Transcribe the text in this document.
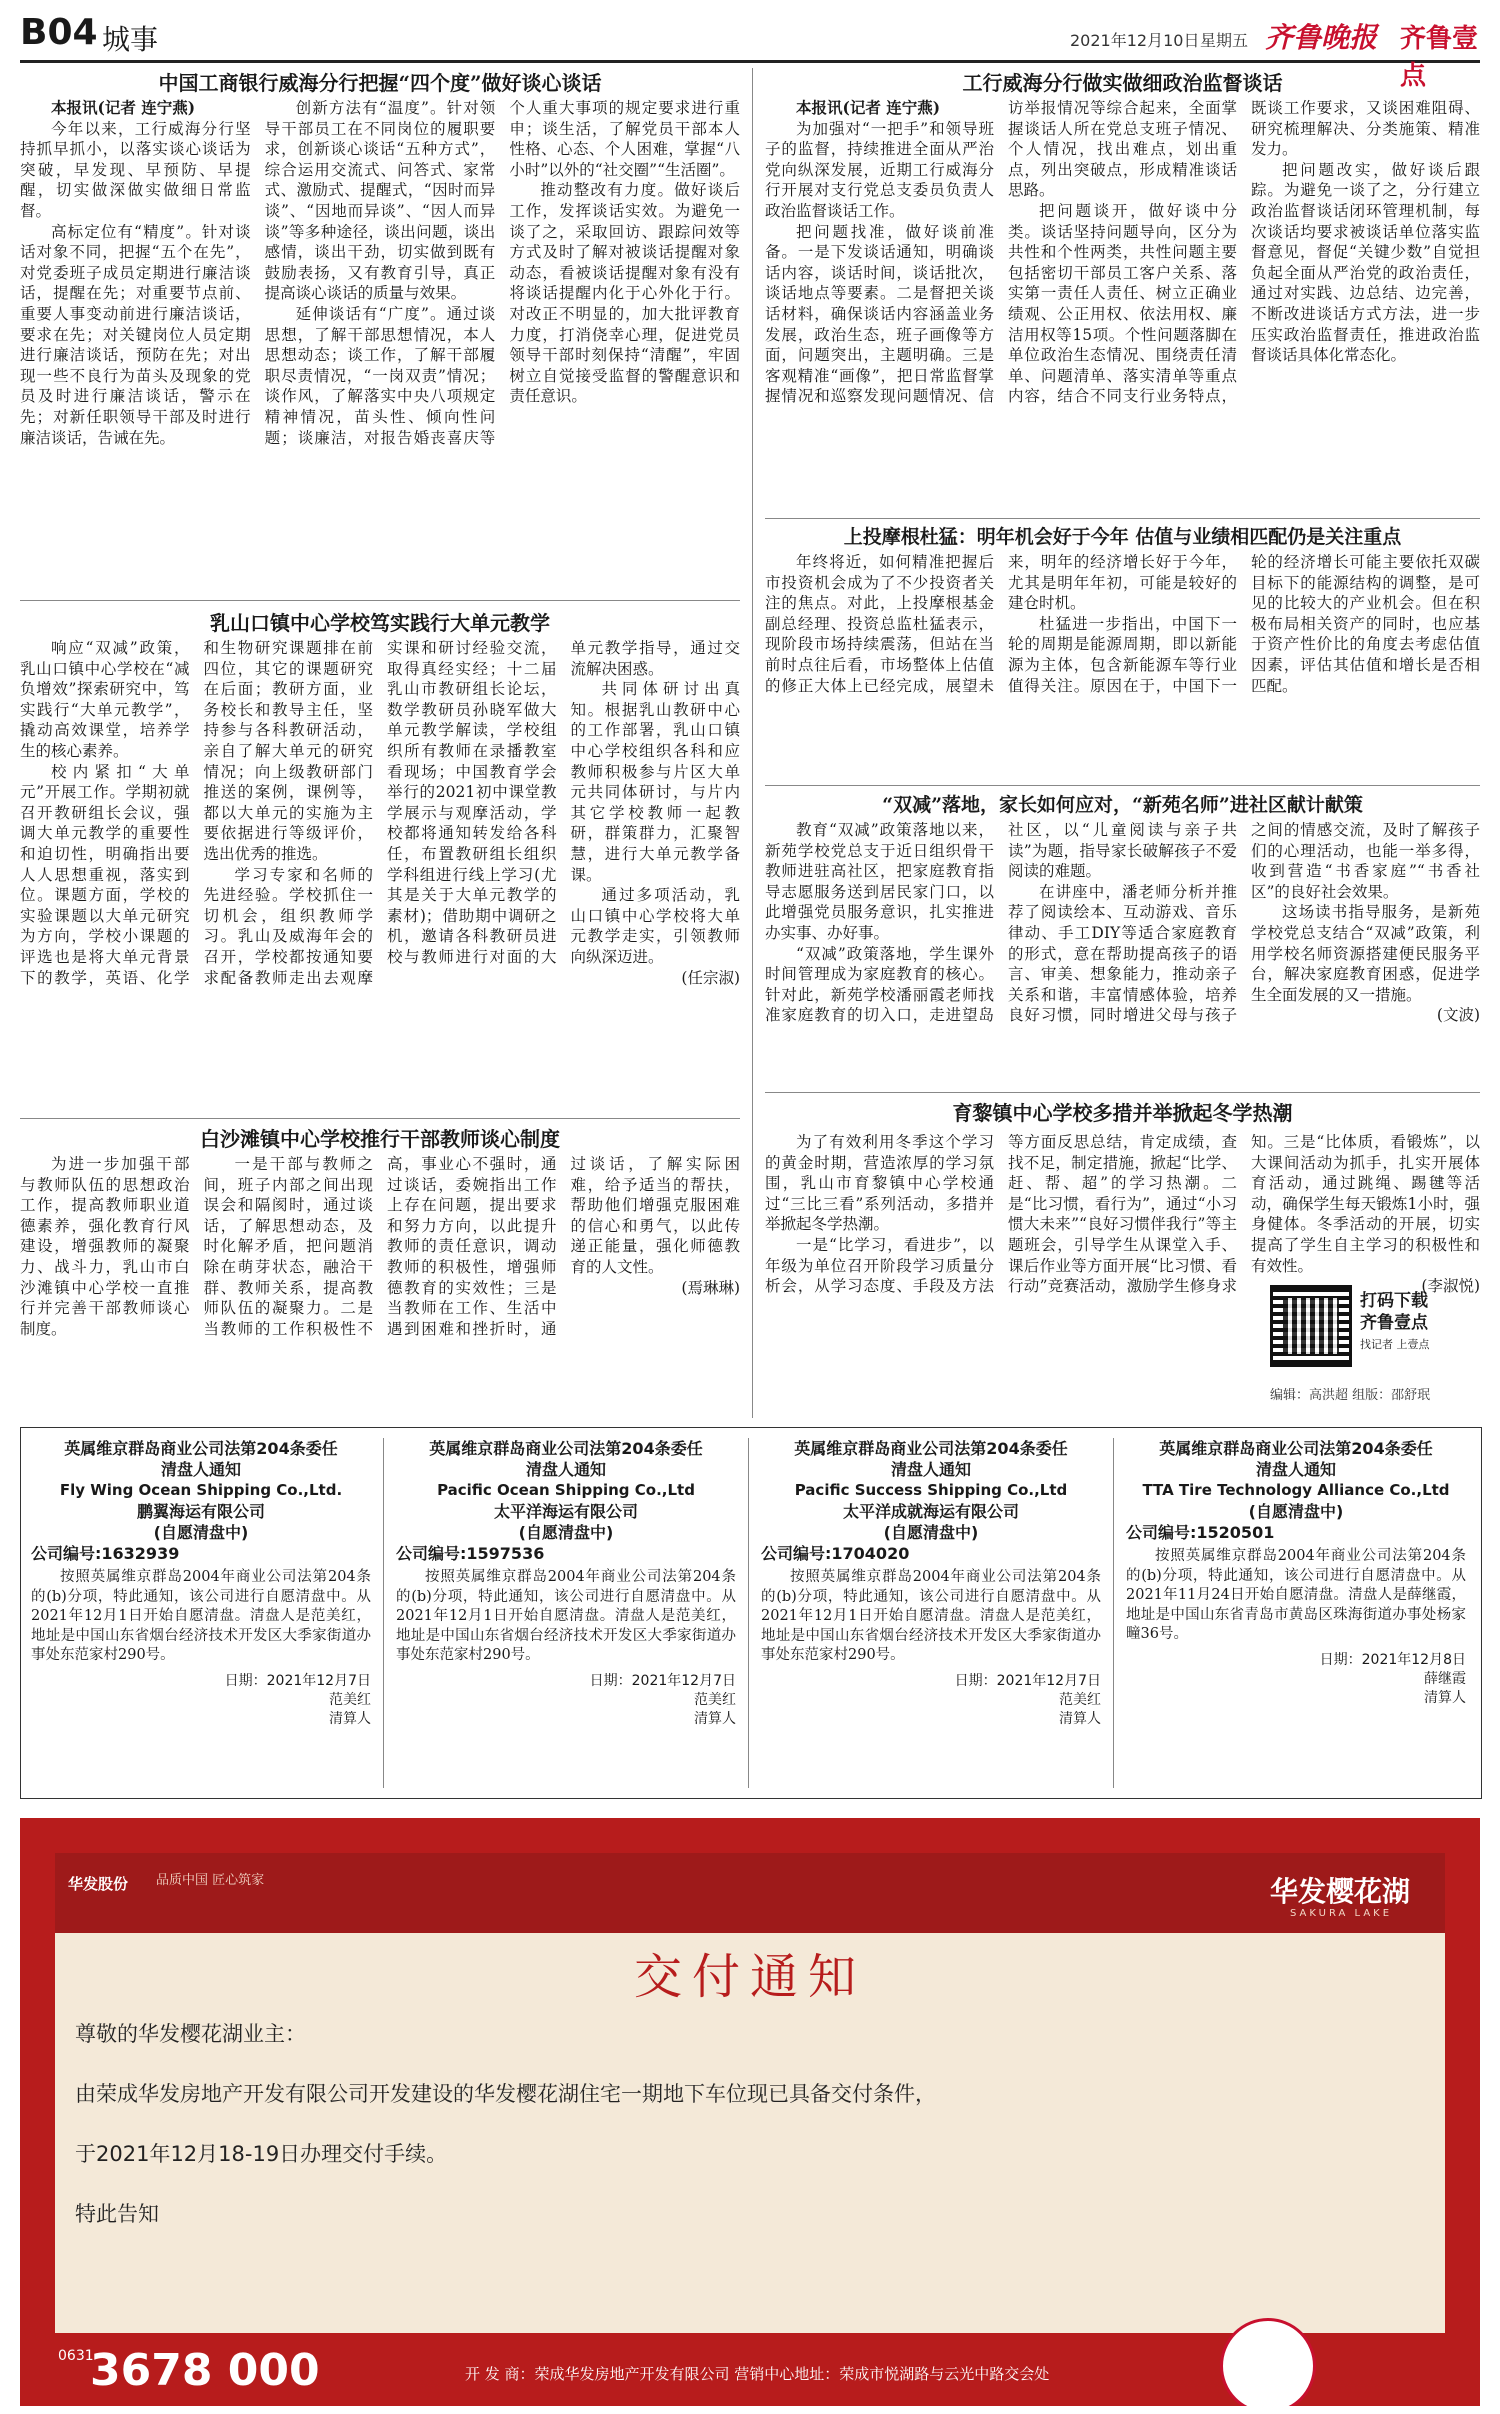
B04 城事	2021年12月10日 星期五 齐鲁晚报 齐鲁壹点
中国工商银行威海分行把握“四个度”做好谈心谈话

本报讯(记者 连宁燕)

今年以来，工行威海分行坚持抓早抓小，以落实谈心谈话为突破，早发现、早预防、早提醒，切实做深做实做细日常监督。

高标定位有“精度”。针对谈话对象不同，把握“五个在先”，对党委班子成员定期进行廉洁谈话，提醒在先；对重要节点前、重要人事变动前进行廉洁谈话，要求在先；对关键岗位人员定期进行廉洁谈话，预防在先；对出现一些不良行为苗头及现象的党员及时进行廉洁谈话，警示在先；对新任职领导干部及时进行廉洁谈话，告诫在先。

创新方法有“温度”。针对领导干部员工在不同岗位的履职要求，创新谈心谈话“五种方式”，综合运用交流式、问答式、家常式、激励式、提醒式，“因时而异谈”、“因地而异谈”、“因人而异谈”等多种途径，谈出问题，谈出感情，谈出干劲，切实做到既有鼓励表扬，又有教育引导，真正提高谈心谈话的质量与效果。

延伸谈话有“广度”。通过谈思想，了解干部思想情况，本人思想动态；谈工作，了解干部履职尽责情况，“一岗双责”情况；谈作风，了解落实中央八项规定精神情况，苗头性、倾向性问题；谈廉洁，对报告婚丧喜庆等个人重大事项的规定要求进行重申；谈生活，了解党员干部本人性格、心态、个人困难，掌握“八小时”以外的“社交圈”“生活圈”。

推动整改有力度。做好谈后工作，发挥谈话实效。为避免一谈了之，采取回访、跟踪问效等方式及时了解对被谈话提醒对象动态，看被谈话提醒对象有没有将谈话提醒内化于心外化于行。对改正不明显的，加大批评教育力度，打消侥幸心理，促进党员领导干部时刻保持“清醒”，牢固树立自觉接受监督的警醒意识和责任意识。

工行威海分行做实做细政治监督谈话

本报讯(记者 连宁燕)

为加强对“一把手”和领导班子的监督，持续推进全面从严治党向纵深发展，近期工行威海分行开展对支行党总支委员负责人政治监督谈话工作。

把问题找准，做好谈前准备。一是下发谈话通知，明确谈话内容，谈话时间，谈话批次，谈话地点等要素。二是督把关谈话材料，确保谈话内容涵盖业务发展，政治生态，班子画像等方面，问题突出，主题明确。三是客观精准“画像”，把日常监督掌握情况和巡察发现问题情况、信访举报情况等综合起来，全面掌握谈话人所在党总支班子情况、个人情况，找出难点，划出重点，列出突破点，形成精准谈话思路。

把问题谈开，做好谈中分类。谈话坚持问题导向，区分为共性和个性两类，共性问题主要包括密切干部员工客户关系、落实第一责任人责任、树立正确业绩观、公正用权、依法用权、廉洁用权等15项。个性问题落脚在单位政治生态情况、围绕责任清单、问题清单、落实清单等重点内容，结合不同支行业务特点，既谈工作要求，又谈困难阻碍、研究梳理解决、分类施策、精准发力。

把问题改实，做好谈后跟踪。为避免一谈了之，分行建立政治监督谈话闭环管理机制，每次谈话均要求被谈话单位落实监督意见，督促“关键少数”自觉担负起全面从严治党的政治责任，通过对实践、边总结、边完善，不断改进谈话方式方法，进一步压实政治监督责任，推进政治监督谈话具体化常态化。

乳山口镇中心学校笃实践行大单元教学

响应“双减”政策，乳山口镇中心学校在“减负增效”探索研究中，笃实践行“大单元教学”，撬动高效课堂，培养学生的核心素养。

校内紧扣“大单元”开展工作。学期初就召开教研组长会议，强调大单元教学的重要性和迫切性，明确指出要人人思想重视，落实到位。课题方面，学校的实验课题以大单元研究为方向，学校小课题的评选也是将大单元背景下的教学，英语、化学和生物研究课题排在前四位，其它的课题研究在后面；教研方面，业务校长和教导主任，坚持参与各科教研活动，亲自了解大单元的研究情况；向上级教研部门推送的案例，课例等，都以大单元的实施为主要依据进行等级评价，选出优秀的推选。

学习专家和名师的先进经验。学校抓住一切机会，组织教师学习。乳山及威海年会的召开，学校都按通知要求配备教师走出去观摩实课和研讨经验交流，取得真经实经；十二届乳山市教研组长论坛，数学教研员孙晓军做大单元教学解读，学校组织所有教师在录播教室看现场；中国教育学会举行的2021初中课堂教学展示与观摩活动，学校都将通知转发给各科任，布置教研组长组织学科组进行线上学习(尤其是关于大单元教学的素材)；借助期中调研之机，邀请各科教研员进校与教师进行对面的大单元教学指导，通过交流解决困惑。

共同体研讨出真知。根据乳山教研中心的工作部署，乳山口镇中心学校组织各科和应教师积极参与片区大单元共同体研讨，与片内其它学校教师一起教研，群策群力，汇聚智慧，进行大单元教学备课。

通过多项活动，乳山口镇中心学校将大单元教学走实，引领教师向纵深迈进。

(任宗淑)

上投摩根杜猛：明年机会好于今年 估值与业绩相匹配仍是关注重点

年终将近，如何精准把握后市投资机会成为了不少投资者关注的焦点。对此，上投摩根基金副总经理、投资总监杜猛表示，现阶段市场持续震荡，但站在当前时点往后看，市场整体上估值的修正大体上已经完成，展望未来，明年的经济增长好于今年，尤其是明年年初，可能是较好的建仓时机。

杜猛进一步指出，中国下一轮的周期是能源周期，即以新能源为主体，包含新能源车等行业值得关注。原因在于，中国下一轮的经济增长可能主要依托双碳目标下的能源结构的调整，是可见的比较大的产业机会。但在积极布局相关资产的同时，也应基于资产性价比的角度去考虑估值因素，评估其估值和增长是否相匹配。

“双减”落地，家长如何应对，“新苑名师”进社区献计献策

教育“双减”政策落地以来，新苑学校党总支于近日组织骨干教师进驻高社区，把家庭教育指导志愿服务送到居民家门口，以此增强党员服务意识，扎实推进办实事、办好事。

“双减”政策落地，学生课外时间管理成为家庭教育的核心。针对此，新苑学校潘丽霞老师找准家庭教育的切入口，走进望岛社区，以“儿童阅读与亲子共读”为题，指导家长破解孩子不爱阅读的难题。

在讲座中，潘老师分析并推荐了阅读绘本、互动游戏、音乐律动、手工DIY等适合家庭教育的形式，意在帮助提高孩子的语言、审美、想象能力，推动亲子关系和谐，丰富情感体验，培养良好习惯，同时增进父母与孩子之间的情感交流，及时了解孩子们的心理活动，也能一举多得，收到营造“书香家庭”“书香社区”的良好社会效果。

这场读书指导服务，是新苑学校党总支结合“双减”政策，利用学校名师资源搭建便民服务平台，解决家庭教育困惑，促进学生全面发展的又一措施。

(文波)

白沙滩镇中心学校推行干部教师谈心制度

为进一步加强干部与教师队伍的思想政治工作，提高教师职业道德素养，强化教育行风建设，增强教师的凝聚力、战斗力，乳山市白沙滩镇中心学校一直推行并完善干部教师谈心制度。

一是干部与教师之间，班子内部之间出现误会和隔阂时，通过谈话，了解思想动态，及时化解矛盾，把问题消除在萌芽状态，融洽干群、教师关系，提高教师队伍的凝聚力。二是当教师的工作积极性不高，事业心不强时，通过谈话，委婉指出工作上存在问题，提出要求和努力方向，以此提升教师的责任意识，调动教师的积极性，增强师德教育的实效性；三是当教师在工作、生活中遇到困难和挫折时，通过谈话，了解实际困难，给予适当的帮扶，帮助他们增强克服困难的信心和勇气，以此传递正能量，强化师德教育的人文性。

(焉琳琳)

育黎镇中心学校多措并举掀起冬学热潮

为了有效利用冬季这个学习的黄金时期，营造浓厚的学习氛围，乳山市育黎镇中心学校通过“三比三看”系列活动，多措并举掀起冬学热潮。

一是“比学习，看进步”，以年级为单位召开阶段学习质量分析会，从学习态度、手段及方法等方面反思总结，肯定成绩，查找不足，制定措施，掀起“比学、赶、帮、超”的学习热潮。二是“比习惯，看行为”，通过“小习惯大未来”“良好习惯伴我行”等主题班会，引导学生从课堂入手、课后作业等方面开展“比习惯、看行动”竞赛活动，激励学生修身求知。三是“比体质，看锻炼”，以大课间活动为抓手，扎实开展体育活动，通过跳绳、踢毽等活动，确保学生每天锻炼1小时，强身健体。冬季活动的开展，切实提高了学生自主学习的积极性和有效性。

(李淑悦)

打码下载
齐鲁壹点
找记者 上壹点
编辑：高洪超 组版：邵舒珉
英属维京群岛商业公司法第204条委任
清盘人通知
Fly Wing Ocean Shipping Co.,Ltd.
鹏翼海运有限公司
(自愿清盘中)
公司编号:1632939
按照英属维京群岛2004年商业公司法第204条的(b)分项，特此通知，该公司进行自愿清盘中。从2021年12月1日开始自愿清盘。清盘人是范美红，地址是中国山东省烟台经济技术开发区大季家街道办事处东范家村290号。
日期：2021年12月7日
范美红
清算人
英属维京群岛商业公司法第204条委任
清盘人通知
Pacific Ocean Shipping Co.,Ltd
太平洋海运有限公司
(自愿清盘中)
公司编号:1597536
按照英属维京群岛2004年商业公司法第204条的(b)分项，特此通知，该公司进行自愿清盘中。从2021年12月1日开始自愿清盘。清盘人是范美红，地址是中国山东省烟台经济技术开发区大季家街道办事处东范家村290号。
日期：2021年12月7日
范美红
清算人
英属维京群岛商业公司法第204条委任
清盘人通知
Pacific Success Shipping Co.,Ltd
太平洋成就海运有限公司
(自愿清盘中)
公司编号:1704020
按照英属维京群岛2004年商业公司法第204条的(b)分项，特此通知，该公司进行自愿清盘中。从2021年12月1日开始自愿清盘。清盘人是范美红，地址是中国山东省烟台经济技术开发区大季家街道办事处东范家村290号。
日期：2021年12月7日
范美红
清算人
英属维京群岛商业公司法第204条委任
清盘人通知
TTA Tire Technology Alliance Co.,Ltd
(自愿清盘中)
公司编号:1520501
按照英属维京群岛2004年商业公司法第204条的(b)分项，特此通知，该公司进行自愿清盘中。从2021年11月24日开始自愿清盘。清盘人是薛继霞，地址是中国山东省青岛市黄岛区珠海街道办事处杨家疃36号。
日期：2021年12月8日
薛继霞
清算人
华发股份 品质中国 匠心筑家	华发樱花湖
SAKURA LAKE
交付通知
尊敬的华发樱花湖业主：
由荣成华发房地产开发有限公司开发建设的华发樱花湖住宅一期地下车位现已具备交付条件，
于2021年12月18-19日办理交付手续。
特此告知
0631
3678 000	开 发 商：荣成华发房地产开发有限公司 营销中心地址：荣成市悦湖路与云光中路交会处
